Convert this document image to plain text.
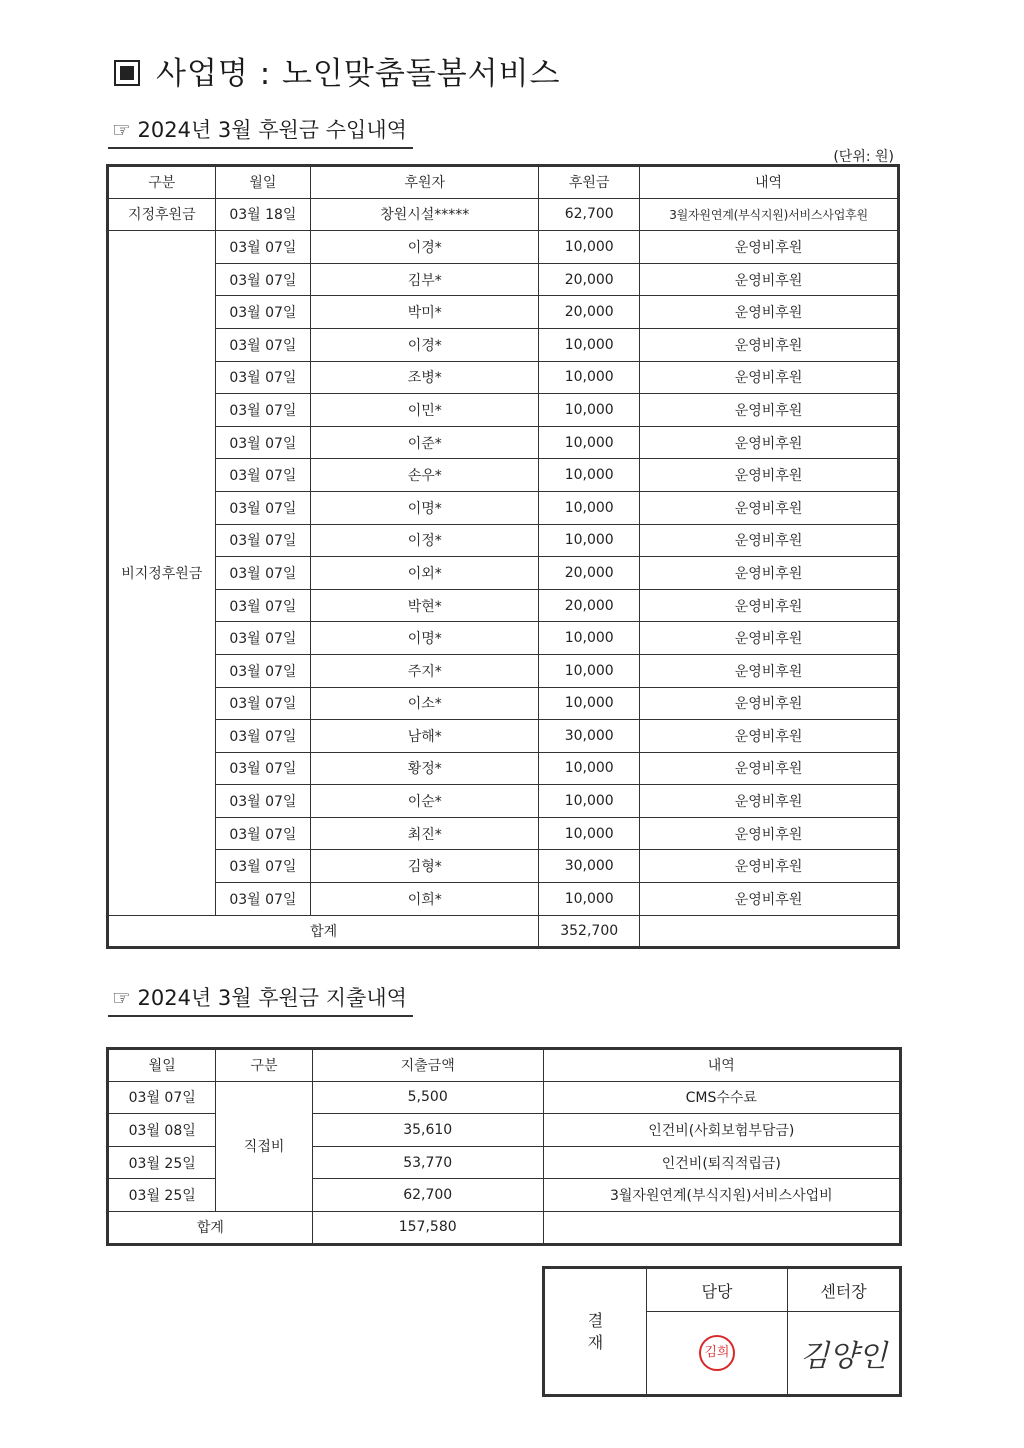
사업명 : 노인맞춤돌봄서비스
☞ 2024년 3월 후원금 수입내역
(단위: 원)
구분	월일	후원자	후원금	내역
지정후원금	03월 18일	창원시설*****	62,700	3월자원연계(부식지원)서비스사업후원
비지정후원금	03월 07일	이경*	10,000	운영비후원
	03월 07일	김부*	20,000	운영비후원
	03월 07일	박미*	20,000	운영비후원
	03월 07일	이경*	10,000	운영비후원
	03월 07일	조병*	10,000	운영비후원
	03월 07일	이민*	10,000	운영비후원
	03월 07일	이준*	10,000	운영비후원
	03월 07일	손우*	10,000	운영비후원
	03월 07일	이명*	10,000	운영비후원
	03월 07일	이정*	10,000	운영비후원
	03월 07일	이외*	20,000	운영비후원
	03월 07일	박현*	20,000	운영비후원
	03월 07일	이명*	10,000	운영비후원
	03월 07일	주지*	10,000	운영비후원
	03월 07일	이소*	10,000	운영비후원
	03월 07일	남해*	30,000	운영비후원
	03월 07일	황정*	10,000	운영비후원
	03월 07일	이순*	10,000	운영비후원
	03월 07일	최진*	10,000	운영비후원
	03월 07일	김형*	30,000	운영비후원
	03월 07일	이희*	10,000	운영비후원
합계			352,700	
☞ 2024년 3월 후원금 지출내역
월일	구분	지출금액	내역
03월 07일	직접비	5,500	CMS수수료
03월 08일		35,610	인건비(사회보험부담금)
03월 25일		53,770	인건비(퇴직적립금)
03월 25일		62,700	3월자원연계(부식지원)서비스사업비
합계		157,580	
결
재	담당	센터장
	김희	김양인
